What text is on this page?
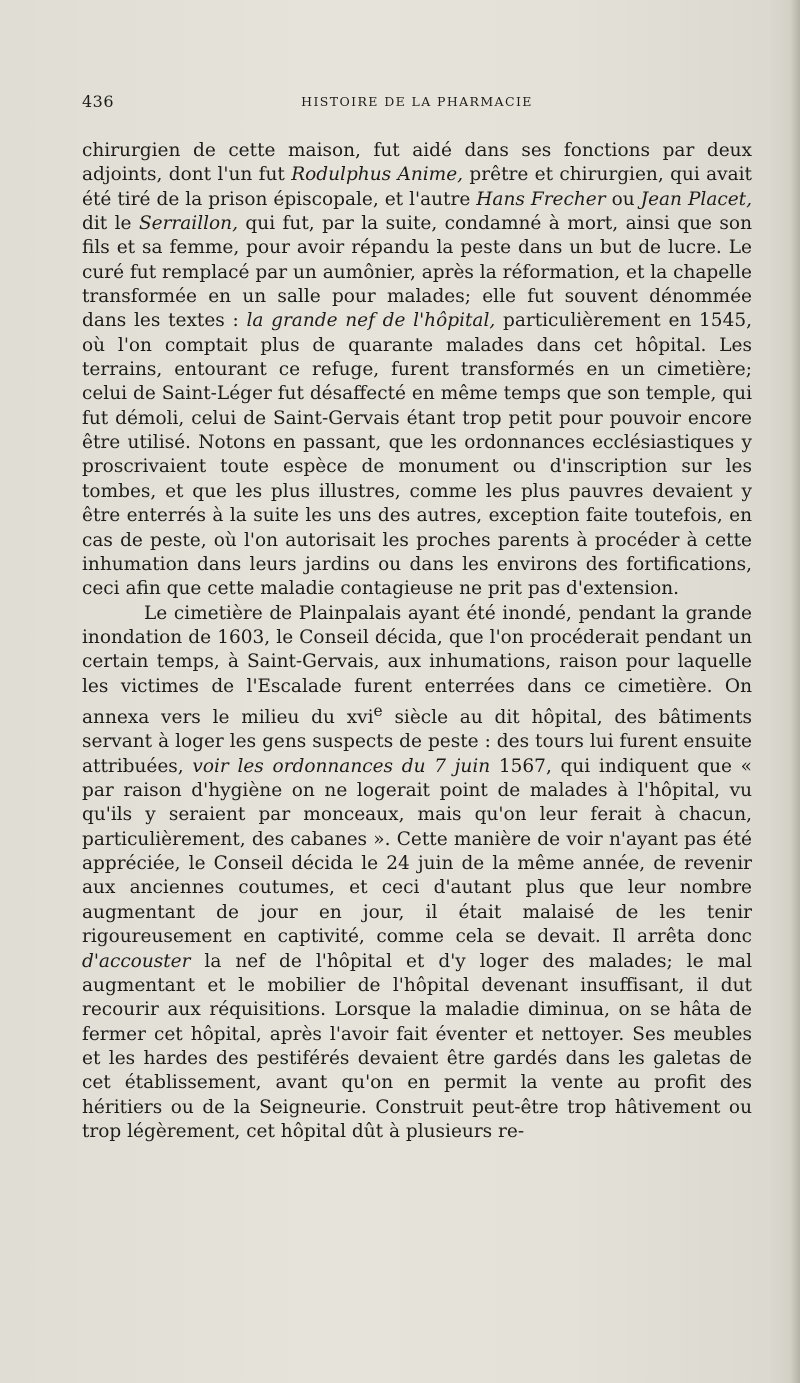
436	HISTOIRE DE LA PHARMACIE

chirurgien de cette maison, fut aidé dans ses fonctions par deux adjoints, dont l'un fut Rodulphus Anime, prêtre et chirurgien, qui avait été tiré de la prison épiscopale, et l'autre Hans Frecher ou Jean Placet, dit le Serraillon, qui fut, par la suite, condamné à mort, ainsi que son fils et sa femme, pour avoir répandu la peste dans un but de lucre. Le curé fut remplacé par un aumônier, après la réformation, et la chapelle transformée en un salle pour malades; elle fut souvent dénommée dans les textes : la grande nef de l'hôpital, particulièrement en 1545, où l'on comptait plus de quarante malades dans cet hôpital. Les terrains, entourant ce refuge, furent transformés en un cimetière; celui de Saint-Léger fut désaffecté en même temps que son temple, qui fut démoli, celui de Saint-Gervais étant trop petit pour pouvoir encore être utilisé. Notons en passant, que les ordonnances ecclésiastiques y proscrivaient toute espèce de monument ou d'inscription sur les tombes, et que les plus illustres, comme les plus pauvres devaient y être enterrés à la suite les uns des autres, exception faite toutefois, en cas de peste, où l'on autorisait les proches parents à procéder à cette inhumation dans leurs jardins ou dans les environs des fortifications, ceci afin que cette maladie contagieuse ne prit pas d'extension.

Le cimetière de Plainpalais ayant été inondé, pendant la grande inondation de 1603, le Conseil décida, que l'on procéderait pendant un certain temps, à Saint-Gervais, aux inhumations, raison pour laquelle les victimes de l'Escalade furent enterrées dans ce cimetière. On annexa vers le milieu du xvi$^e$ siècle au dit hôpital, des bâtiments servant à loger les gens suspects de peste : des tours lui furent ensuite attribuées, voir les ordonnances du 7 juin 1567, qui indiquent que « par raison d'hygiène on ne logerait point de malades à l'hôpital, vu qu'ils y seraient par monceaux, mais qu'on leur ferait à chacun, particulièrement, des cabanes ». Cette manière de voir n'ayant pas été appréciée, le Conseil décida le 24 juin de la même année, de revenir aux anciennes coutumes, et ceci d'autant plus que leur nombre augmentant de jour en jour, il était malaisé de les tenir rigoureusement en captivité, comme cela se devait. Il arrêta donc d'accouster la nef de l'hôpital et d'y loger des malades; le mal augmentant et le mobilier de l'hôpital devenant insuffisant, il dut recourir aux réquisitions. Lorsque la maladie diminua, on se hâta de fermer cet hôpital, après l'avoir fait éventer et nettoyer. Ses meubles et les hardes des pestiférés devaient être gardés dans les galetas de cet établissement, avant qu'on en permit la vente au profit des héritiers ou de la Seigneurie. Construit peut-être trop hâtivement ou trop légèrement, cet hôpital dût à plusieurs re-
